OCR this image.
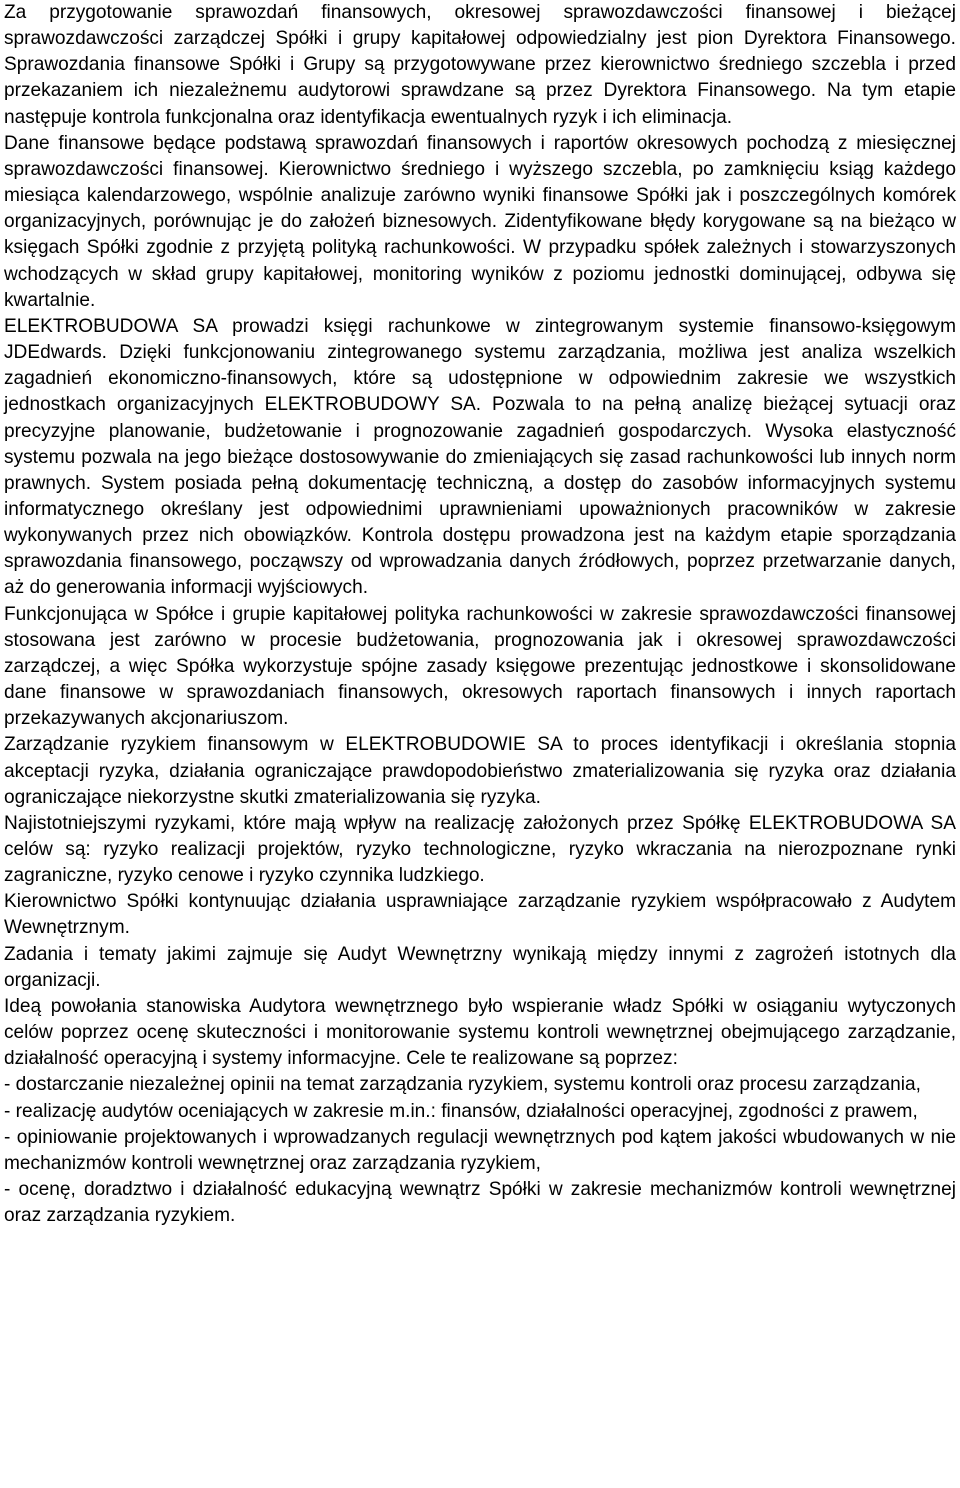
Za przygotowanie sprawozdań finansowych, okresowej sprawozdawczości finansowej i bieżącej sprawozdawczości zarządczej Spółki i grupy kapitałowej odpowiedzialny jest pion Dyrektora Finansowego. Sprawozdania finansowe Spółki i Grupy są przygotowywane przez kierownictwo średniego szczebla i przed przekazaniem ich niezależnemu audytorowi sprawdzane są przez Dyrektora Finansowego. Na tym etapie następuje kontrola funkcjonalna oraz identyfikacja ewentualnych ryzyk i ich eliminacja.

Dane finansowe będące podstawą sprawozdań finansowych i raportów okresowych pochodzą z miesięcznej sprawozdawczości finansowej. Kierownictwo średniego i wyższego szczebla, po zamknięciu ksiąg każdego miesiąca kalendarzowego, wspólnie analizuje zarówno wyniki finansowe Spółki jak i poszczególnych komórek organizacyjnych, porównując je do założeń biznesowych. Zidentyfikowane błędy korygowane są na bieżąco w księgach Spółki zgodnie z przyjętą polityką rachunkowości. W przypadku spółek zależnych i stowarzyszonych wchodzących w skład grupy kapitałowej, monitoring wyników z poziomu jednostki dominującej, odbywa się kwartalnie.

ELEKTROBUDOWA SA prowadzi księgi rachunkowe w zintegrowanym systemie finansowo-księgowym JDEdwards. Dzięki funkcjonowaniu zintegrowanego systemu zarządzania, możliwa jest analiza wszelkich zagadnień ekonomiczno-finansowych, które są udostępnione w odpowiednim zakresie we wszystkich jednostkach organizacyjnych ELEKTROBUDOWY SA. Pozwala to na pełną analizę bieżącej sytuacji oraz precyzyjne planowanie, budżetowanie i prognozowanie zagadnień gospodarczych. Wysoka elastyczność systemu pozwala na jego bieżące dostosowywanie do zmieniających się zasad rachunkowości lub innych norm prawnych. System posiada pełną dokumentację techniczną, a dostęp do zasobów informacyjnych systemu informatycznego określany jest odpowiednimi uprawnieniami upoważnionych pracowników w zakresie wykonywanych przez nich obowiązków. Kontrola dostępu prowadzona jest na każdym etapie sporządzania sprawozdania finansowego, począwszy od wprowadzania danych źródłowych, poprzez przetwarzanie danych, aż do generowania informacji wyjściowych.

Funkcjonująca w Spółce i grupie kapitałowej polityka rachunkowości w zakresie sprawozdawczości finansowej stosowana jest zarówno w procesie budżetowania, prognozowania jak i okresowej sprawozdawczości zarządczej, a więc Spółka wykorzystuje spójne zasady księgowe prezentując jednostkowe i skonsolidowane dane finansowe w sprawozdaniach finansowych, okresowych raportach finansowych i innych raportach przekazywanych akcjonariuszom.

Zarządzanie ryzykiem finansowym w ELEKTROBUDOWIE SA to proces identyfikacji i określania stopnia akceptacji ryzyka, działania ograniczające prawdopodobieństwo zmaterializowania się ryzyka oraz działania ograniczające niekorzystne skutki zmaterializowania się ryzyka.

Najistotniejszymi ryzykami, które mają wpływ na realizację założonych przez Spółkę ELEKTROBUDOWA SA celów są: ryzyko realizacji projektów, ryzyko technologiczne, ryzyko wkraczania na nierozpoznane rynki zagraniczne, ryzyko cenowe i ryzyko czynnika ludzkiego.

Kierownictwo Spółki kontynuując działania usprawniające zarządzanie ryzykiem współpracowało z Audytem Wewnętrznym.

Zadania i tematy jakimi zajmuje się Audyt Wewnętrzny wynikają między innymi z zagrożeń istotnych dla organizacji.

Ideą powołania stanowiska Audytora wewnętrznego było wspieranie władz Spółki w osiąganiu wytyczonych celów poprzez ocenę skuteczności i monitorowanie systemu kontroli wewnętrznej obejmującego zarządzanie, działalność operacyjną i systemy informacyjne. Cele te realizowane są poprzez:

- dostarczanie niezależnej opinii na temat zarządzania ryzykiem, systemu kontroli oraz procesu zarządzania,

- realizację audytów oceniających w zakresie m.in.: finansów, działalności operacyjnej, zgodności z prawem,

- opiniowanie projektowanych i wprowadzanych regulacji wewnętrznych pod kątem jakości wbudowanych w nie mechanizmów kontroli wewnętrznej oraz zarządzania ryzykiem,

- ocenę, doradztwo i działalność edukacyjną wewnątrz Spółki w zakresie mechanizmów kontroli wewnętrznej oraz zarządzania ryzykiem.
